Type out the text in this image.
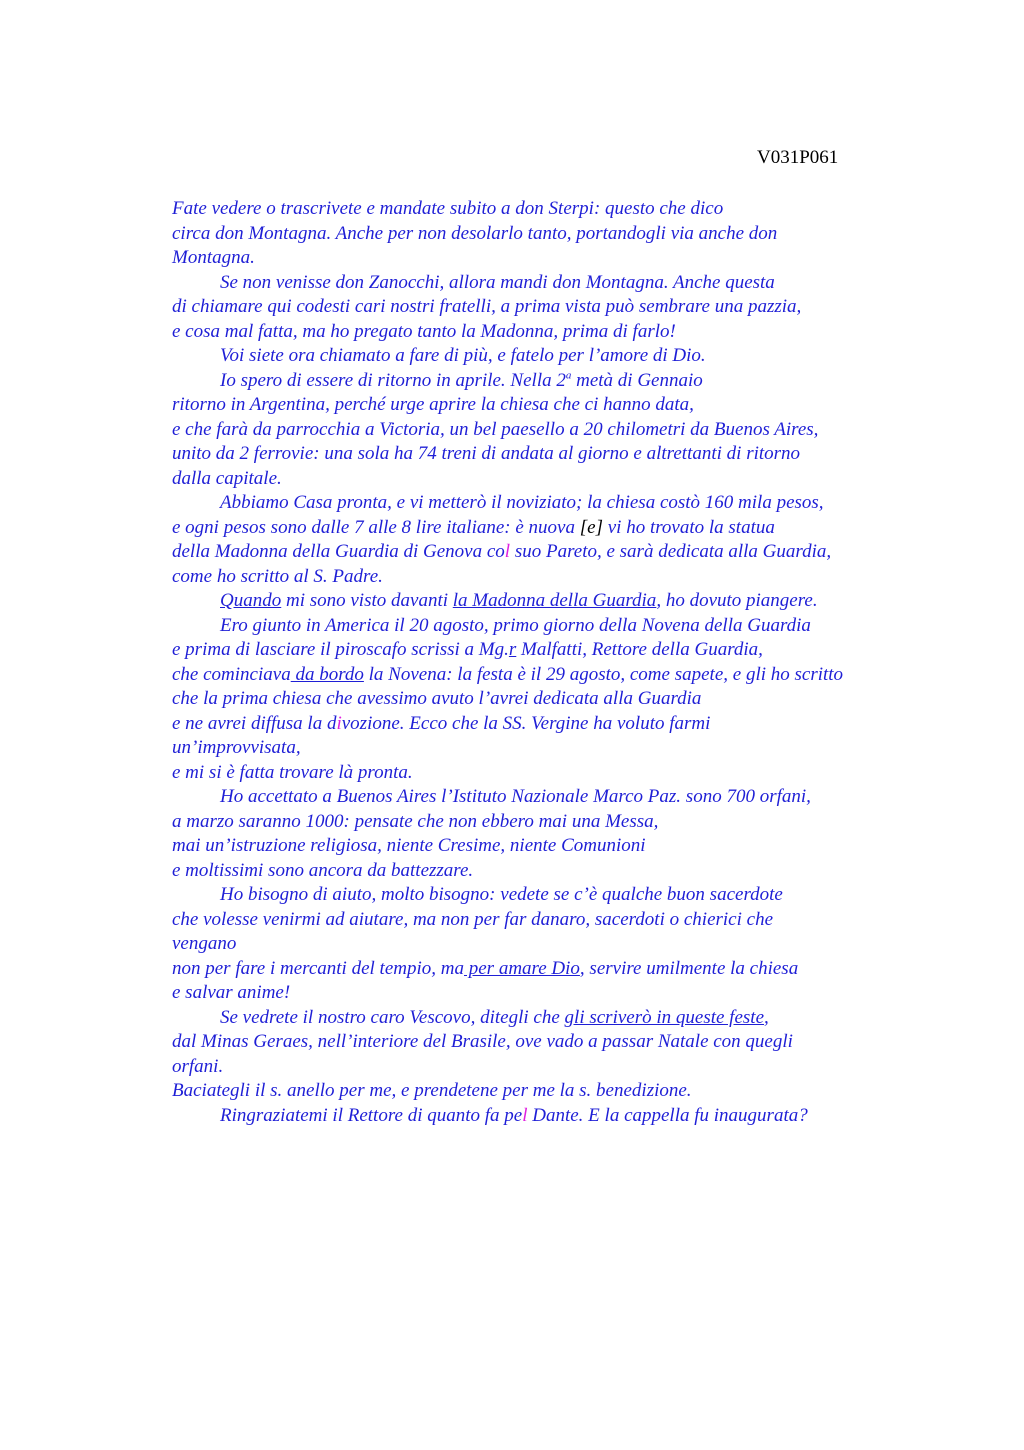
V031P061
Fate vedere o trascrivete e mandate subito a don Sterpi: questo che dico
circa don Montagna. Anche per non desolarlo tanto, portandogli via anche don
Montagna.
Se non venisse don Zanocchi, allora mandi don Montagna. Anche questa
di chiamare qui codesti cari nostri fratelli, a prima vista può sembrare una pazzia,
e cosa mal fatta, ma ho pregato tanto la Madonna, prima di farlo!
Voi siete ora chiamato a fare di più, e fatelo per l’amore di Dio.
Io spero di essere di ritorno in aprile. Nella 2$^a$ metà di Gennaio
ritorno in Argentina, perché urge aprire la chiesa che ci hanno data,
e che farà da parrocchia a Victoria, un bel paesello a 20 chilometri da Buenos Aires,
unito da 2 ferrovie: una sola ha 74 treni di andata al giorno e altrettanti di ritorno
dalla capitale.
Abbiamo Casa pronta, e vi metterò il noviziato; la chiesa costò 160 mila pesos,
e ogni pesos sono dalle 7 alle 8 lire italiane: è nuova [e] vi ho trovato la statua
della Madonna della Guardia di Genova col suo Pareto, e sarà dedicata alla Guardia,
come ho scritto al S. Padre.
Quando mi sono visto davanti la Madonna della Guardia, ho dovuto piangere.
Ero giunto in America il 20 agosto, primo giorno della Novena della Guardia
e prima di lasciare il piroscafo scrissi a Mg.r Malfatti, Rettore della Guardia,
che cominciava da bordo la Novena: la festa è il 29 agosto, come sapete, e gli ho scritto
che la prima chiesa che avessimo avuto l’avrei dedicata alla Guardia
e ne avrei diffusa la divozione. Ecco che la SS. Vergine ha voluto farmi
un’improvvisata,
e mi si è fatta trovare là pronta.
Ho accettato a Buenos Aires l’Istituto Nazionale Marco Paz. sono 700 orfani,
a marzo saranno 1000: pensate che non ebbero mai una Messa,
mai un’istruzione religiosa, niente Cresime, niente Comunioni
e moltissimi sono ancora da battezzare.
Ho bisogno di aiuto, molto bisogno: vedete se c’è qualche buon sacerdote
che volesse venirmi ad aiutare, ma non per far danaro, sacerdoti o chierici che
vengano
non per fare i mercanti del tempio, ma per amare Dio, servire umilmente la chiesa
e salvar anime!
Se vedrete il nostro caro Vescovo, ditegli che gli scriverò in queste feste,
dal Minas Geraes, nell’interiore del Brasile, ove vado a passar Natale con quegli
orfani.
Baciategli il s. anello per me, e prendetene per me la s. benedizione.
Ringraziatemi il Rettore di quanto fa pel Dante. E la cappella fu inaugurata?
